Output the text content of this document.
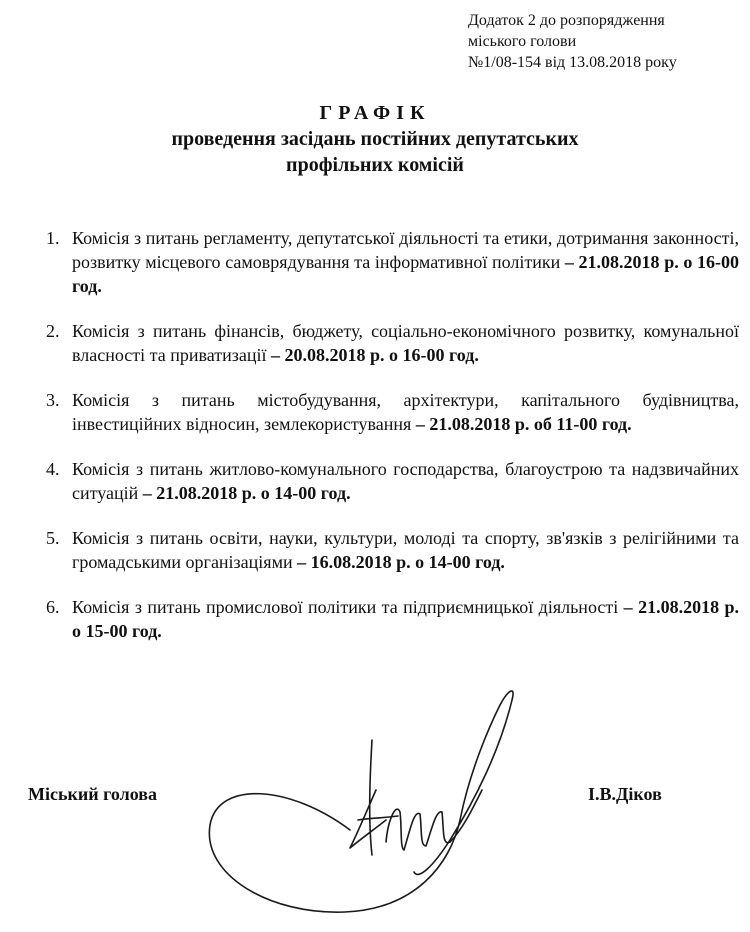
Додаток 2 до розпорядження
міського голови
№1/08-154 від 13.08.2018 року
ГРАФІК
проведення засідань постійних депутатських
профільних комісій
1. Комісія з питань регламенту, депутатської діяльності та етики, дотримання законності, розвитку місцевого самоврядування та інформативної політики – 21.08.2018 р. о 16-00 год.

2. Комісія з питань фінансів, бюджету, соціально-економічного розвитку, комунальної власності та приватизації – 20.08.2018 р. о 16-00 год.

3. Комісія з питань містобудування, архітектури, капітального будівництва, інвестиційних відносин, землекористування – 21.08.2018 р. об 11-00 год.

4. Комісія з питань житлово-комунального господарства, благоустрою та надзвичайних ситуацій – 21.08.2018 р. о 14-00 год.

5. Комісія з питань освіти, науки, культури, молоді та спорту, зв'язків з релігійними та громадськими організаціями – 16.08.2018 р. о 14-00 год.

6. Комісія з питань промислової політики та підприємницької діяльності – 21.08.2018 р. о 15-00 год.

Міський голова	І.В.Діков
